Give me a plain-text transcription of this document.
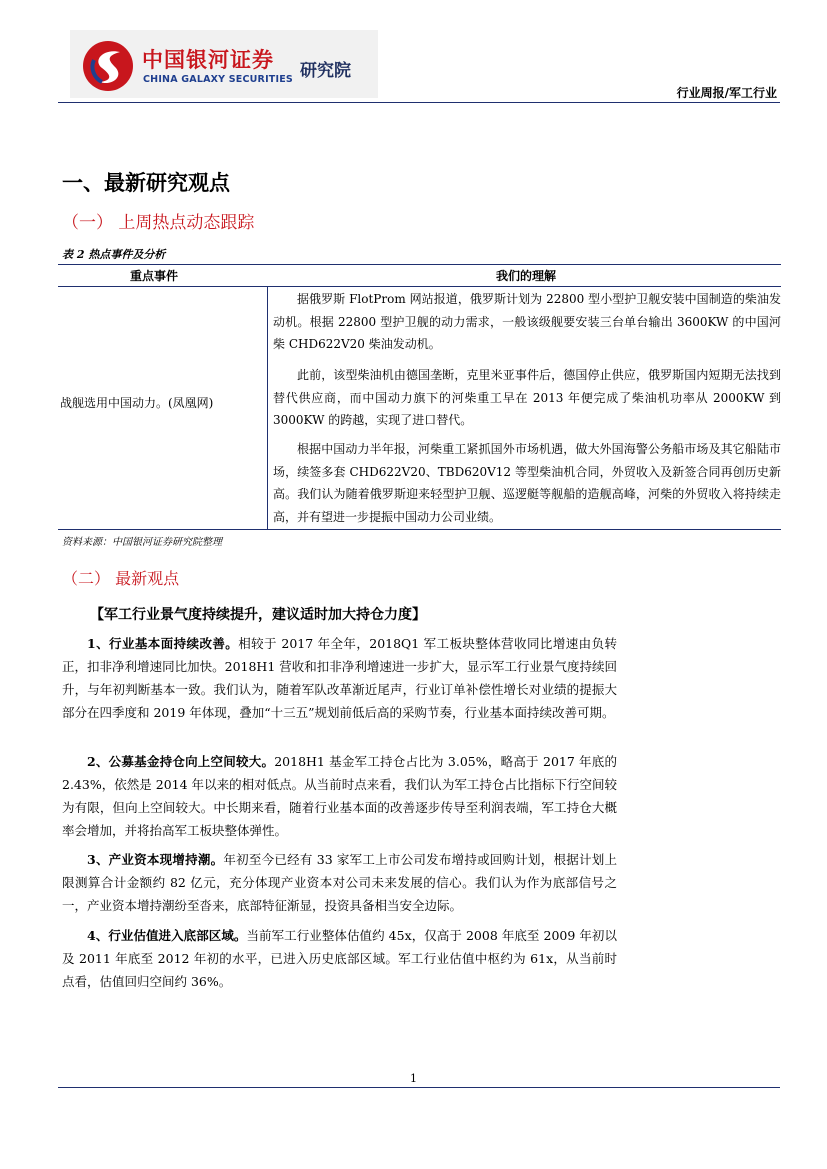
中国银河证券
CHINA GALAXY SECURITIES 研究院
行业周报/军工行业
一、最新研究观点
（一） 上周热点动态跟踪
表 2 热点事件及分析
重点事件	我们的理解
战舰选用中国动力。(凤凰网)

据俄罗斯 FlotProm 网站报道，俄罗斯计划为 22800 型小型护卫舰安装中国制造的柴油发动机。根据 22800 型护卫舰的动力需求，一般该级舰要安装三台单台输出 3600KW 的中国河柴 CHD622V20 柴油发动机。

此前，该型柴油机由德国垄断，克里米亚事件后，德国停止供应，俄罗斯国内短期无法找到替代供应商，而中国动力旗下的河柴重工早在 2013 年便完成了柴油机功率从 2000KW 到 3000KW 的跨越，实现了进口替代。

根据中国动力半年报，河柴重工紧抓国外市场机遇，做大外国海警公务船市场及其它船陆市场，续签多套 CHD622V20、TBD620V12 等型柴油机合同，外贸收入及新签合同再创历史新高。我们认为随着俄罗斯迎来轻型护卫舰、巡逻艇等舰船的造舰高峰，河柴的外贸收入将持续走高，并有望进一步提振中国动力公司业绩。

资料来源：中国银河证券研究院整理
（二） 最新观点
【军工行业景气度持续提升，建议适时加大持仓力度】

1、行业基本面持续改善。相较于 2017 年全年，2018Q1 军工板块整体营收同比增速由负转正，扣非净利增速同比加快。2018H1 营收和扣非净利增速进一步扩大，显示军工行业景气度持续回升，与年初判断基本一致。我们认为，随着军队改革渐近尾声，行业订单补偿性增长对业绩的提振大部分在四季度和 2019 年体现，叠加“十三五”规划前低后高的采购节奏，行业基本面持续改善可期。

2、公募基金持仓向上空间较大。2018H1 基金军工持仓占比为 3.05%，略高于 2017 年底的 2.43%，依然是 2014 年以来的相对低点。从当前时点来看，我们认为军工持仓占比指标下行空间较为有限，但向上空间较大。中长期来看，随着行业基本面的改善逐步传导至利润表端，军工持仓大概率会增加，并将抬高军工板块整体弹性。

3、产业资本现增持潮。年初至今已经有 33 家军工上市公司发布增持或回购计划，根据计划上限测算合计金额约 82 亿元，充分体现产业资本对公司未来发展的信心。我们认为作为底部信号之一，产业资本增持潮纷至沓来，底部特征渐显，投资具备相当安全边际。

4、行业估值进入底部区域。当前军工行业整体估值约 45x，仅高于 2008 年底至 2009 年初以及 2011 年底至 2012 年初的水平，已进入历史底部区域。军工行业估值中枢约为 61x，从当前时点看，估值回归空间约 36%。

1
